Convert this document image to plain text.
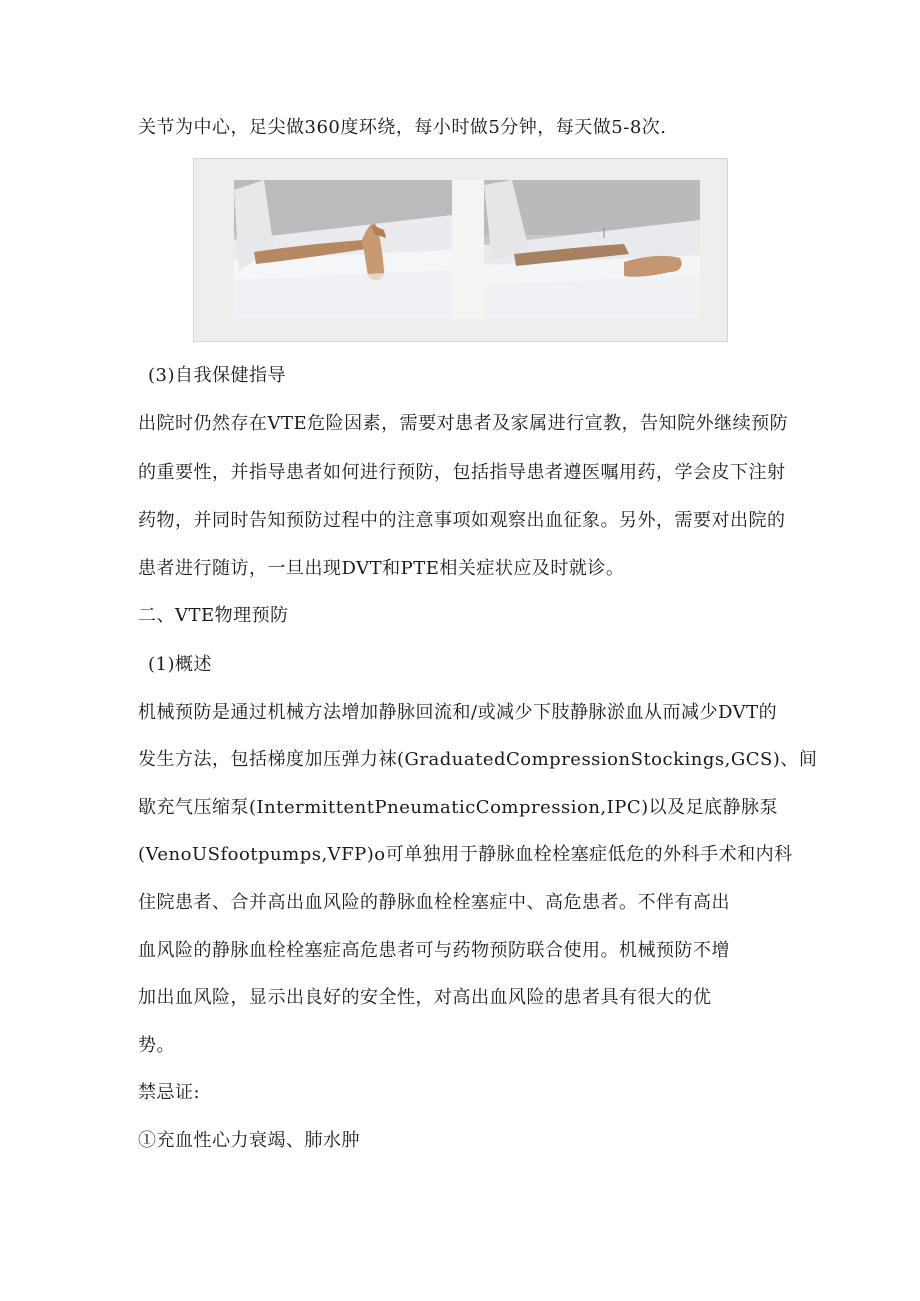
关节为中心，足尖做360度环绕，每小时做5分钟，每天做5-8次.
(3)自我保健指导
出院时仍然存在VTE危险因素，需要对患者及家属进行宣教，告知院外继续预防
的重要性，并指导患者如何进行预防，包括指导患者遵医嘱用药，学会皮下注射
药物，并同时告知预防过程中的注意事项如观察出血征象。另外，需要对出院的
患者进行随访，一旦出现DVT和PTE相关症状应及时就诊。
二、VTE物理预防
(1)概述
机械预防是通过机械方法增加静脉回流和/或减少下肢静脉淤血从而减少DVT的
发生方法，包括梯度加压弹力袜(GraduatedCompressionStockings,GCS)、间
歇充气压缩泵(IntermittentPneumaticCompression,IPC)以及足底静脉泵
(VenoUSfootpumps,VFP)o可单独用于静脉血栓栓塞症低危的外科手术和内科
住院患者、合并高出血风险的静脉血栓栓塞症中、高危患者。不伴有高出
血风险的静脉血栓栓塞症高危患者可与药物预防联合使用。机械预防不增
加出血风险，显示出良好的安全性，对高出血风险的患者具有很大的优
势。
禁忌证:
①充血性心力衰竭、肺水肿
